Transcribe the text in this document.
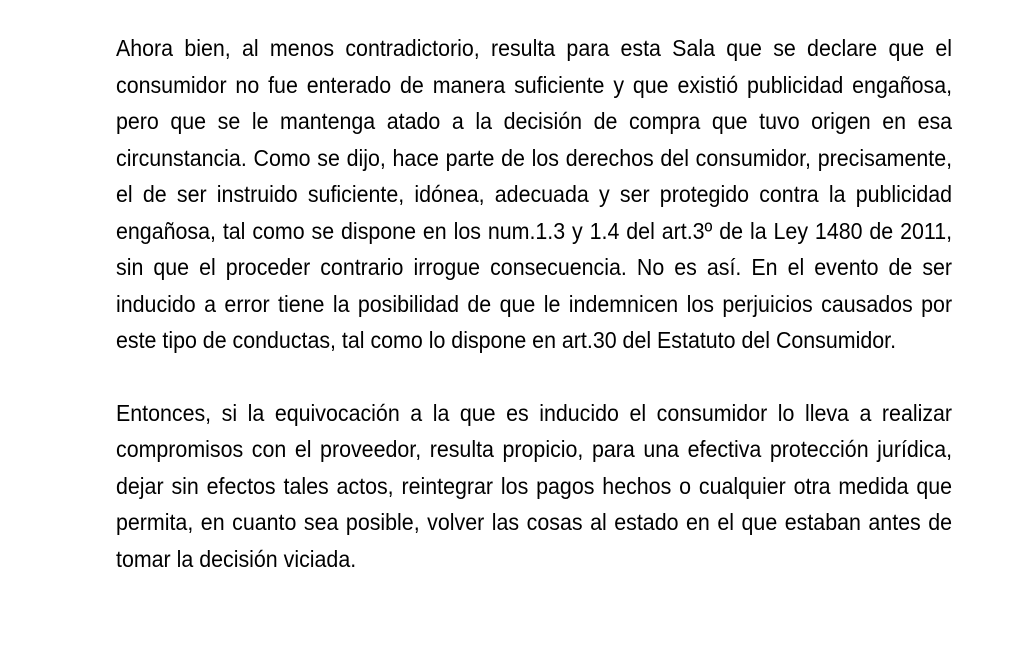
Ahora bien, al menos contradictorio, resulta para esta Sala que se declare que el consumidor no fue enterado de manera suficiente y que existió publicidad engañosa, pero que se le mantenga atado a la decisión de compra que tuvo origen en esa circunstancia. Como se dijo, hace parte de los derechos del consumidor, precisamente, el de ser instruido suficiente, idónea, adecuada y ser protegido contra la publicidad engañosa, tal como se dispone en los num.1.3 y 1.4 del art.3º de la Ley 1480 de 2011, sin que el proceder contrario irrogue consecuencia. No es así. En el evento de ser inducido a error tiene la posibilidad de que le indemnicen los perjuicios causados por este tipo de conductas, tal como lo dispone en art.30 del Estatuto del Consumidor.

Entonces, si la equivocación a la que es inducido el consumidor lo lleva a realizar compromisos con el proveedor, resulta propicio, para una efectiva protección jurídica, dejar sin efectos tales actos, reintegrar los pagos hechos o cualquier otra medida que permita, en cuanto sea posible, volver las cosas al estado en el que estaban antes de tomar la decisión viciada.
